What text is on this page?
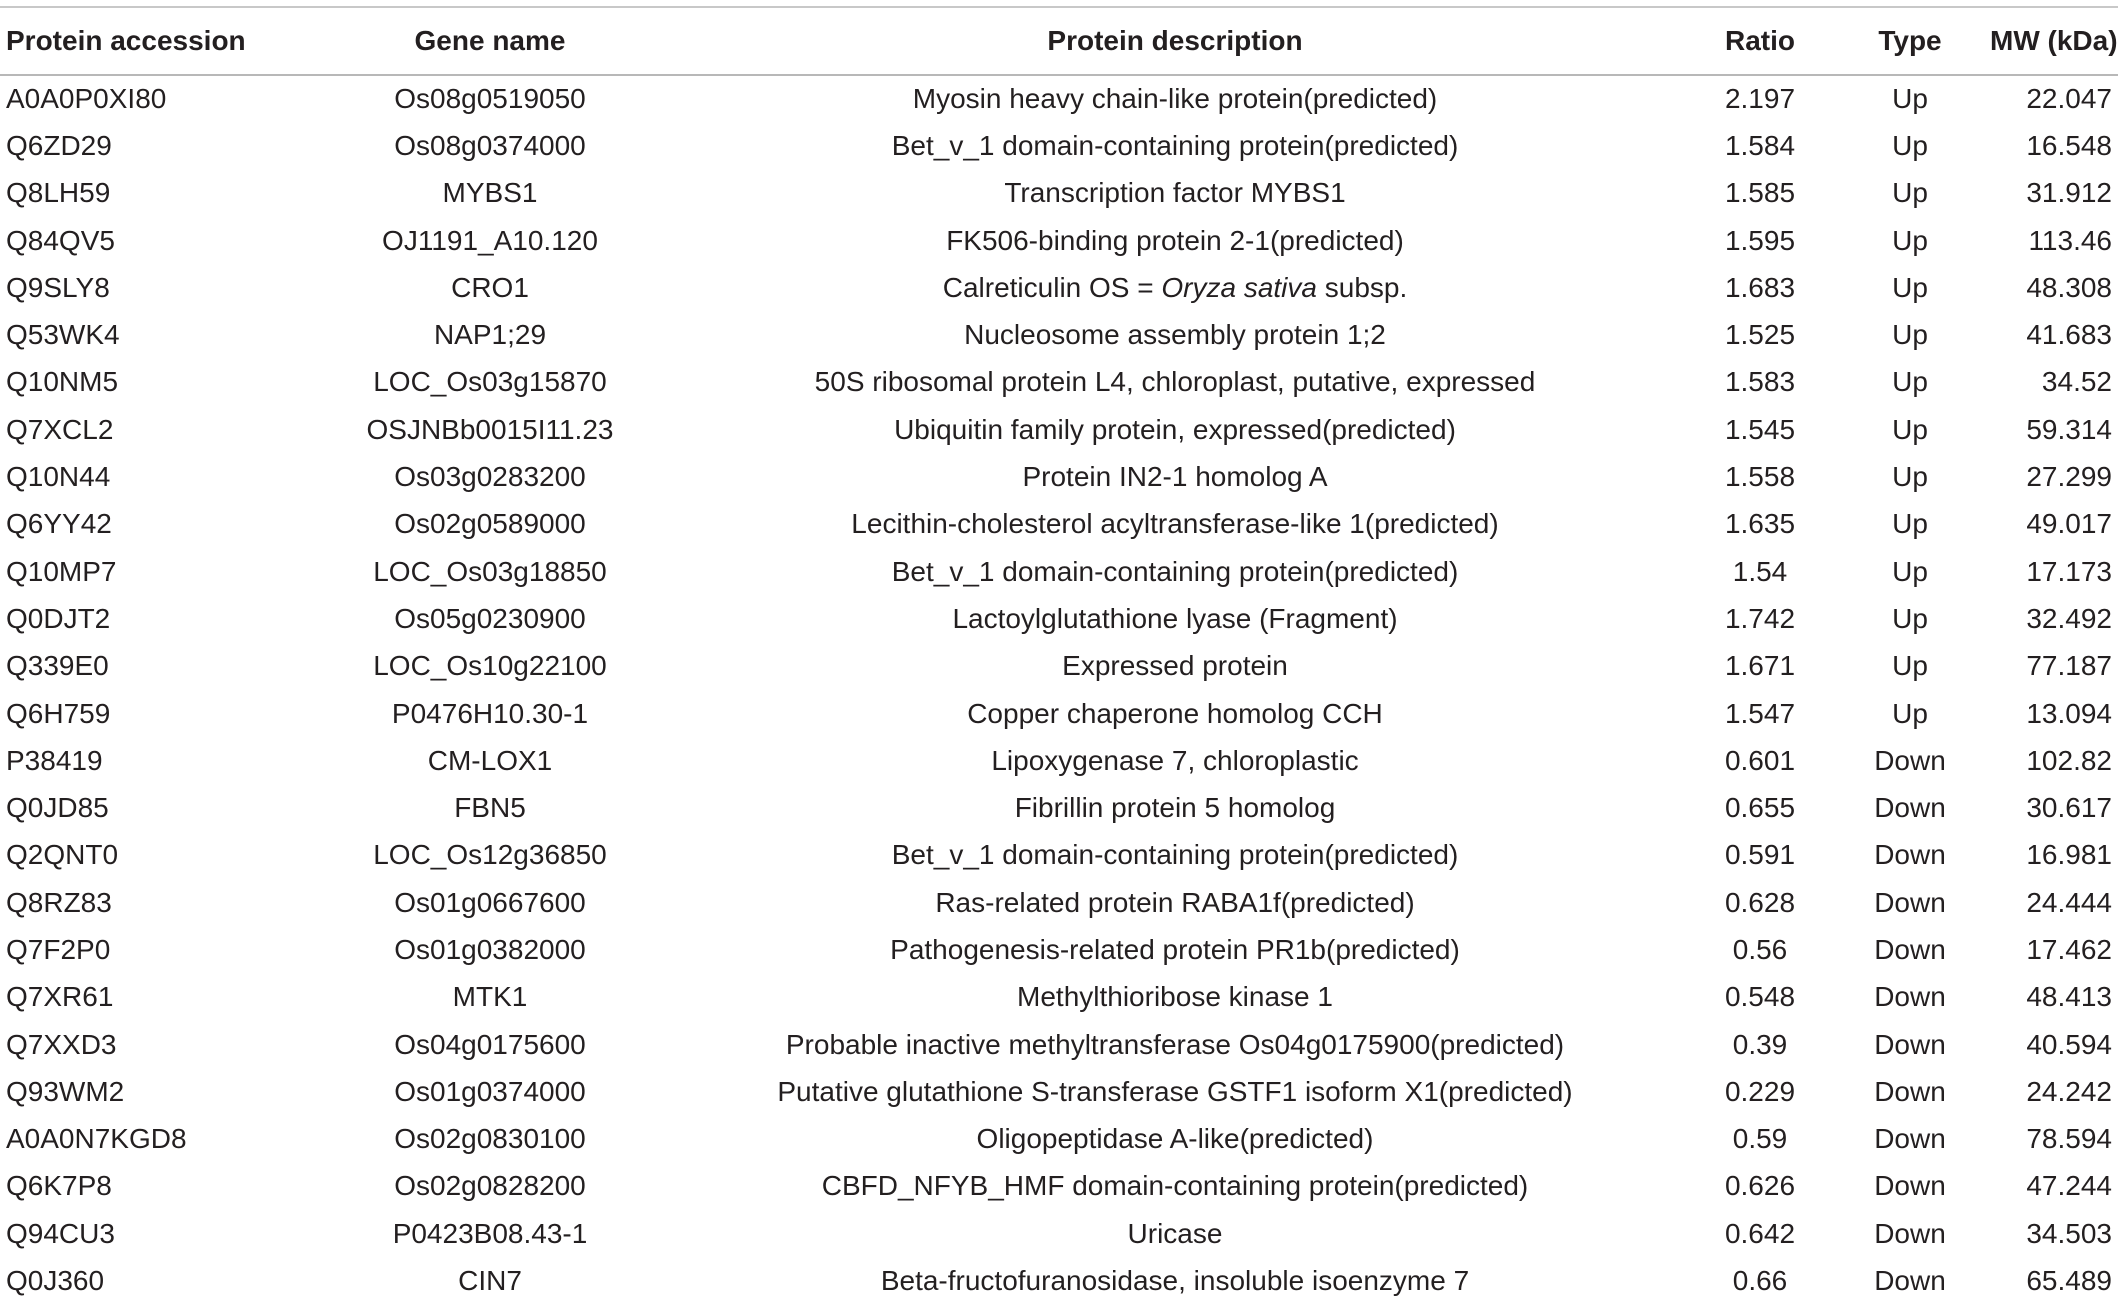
Protein accession	Gene name	Protein description	Ratio	Type	MW (kDa)
A0A0P0XI80	Os08g0519050	Myosin heavy chain-like protein(predicted)	2.197	Up	22.047
Q6ZD29	Os08g0374000	Bet_v_1 domain-containing protein(predicted)	1.584	Up	16.548
Q8LH59	MYBS1	Transcription factor MYBS1	1.585	Up	31.912
Q84QV5	OJ1191_A10.120	FK506-binding protein 2-1(predicted)	1.595	Up	113.46
Q9SLY8	CRO1	Calreticulin OS = Oryza sativa subsp.	1.683	Up	48.308
Q53WK4	NAP1;29	Nucleosome assembly protein 1;2	1.525	Up	41.683
Q10NM5	LOC_Os03g15870	50S ribosomal protein L4, chloroplast, putative, expressed	1.583	Up	34.52
Q7XCL2	OSJNBb0015I11.23	Ubiquitin family protein, expressed(predicted)	1.545	Up	59.314
Q10N44	Os03g0283200	Protein IN2-1 homolog A	1.558	Up	27.299
Q6YY42	Os02g0589000	Lecithin-cholesterol acyltransferase-like 1(predicted)	1.635	Up	49.017
Q10MP7	LOC_Os03g18850	Bet_v_1 domain-containing protein(predicted)	1.54	Up	17.173
Q0DJT2	Os05g0230900	Lactoylglutathione lyase (Fragment)	1.742	Up	32.492
Q339E0	LOC_Os10g22100	Expressed protein	1.671	Up	77.187
Q6H759	P0476H10.30-1	Copper chaperone homolog CCH	1.547	Up	13.094
P38419	CM-LOX1	Lipoxygenase 7, chloroplastic	0.601	Down	102.82
Q0JD85	FBN5	Fibrillin protein 5 homolog	0.655	Down	30.617
Q2QNT0	LOC_Os12g36850	Bet_v_1 domain-containing protein(predicted)	0.591	Down	16.981
Q8RZ83	Os01g0667600	Ras-related protein RABA1f(predicted)	0.628	Down	24.444
Q7F2P0	Os01g0382000	Pathogenesis-related protein PR1b(predicted)	0.56	Down	17.462
Q7XR61	MTK1	Methylthioribose kinase 1	0.548	Down	48.413
Q7XXD3	Os04g0175600	Probable inactive methyltransferase Os04g0175900(predicted)	0.39	Down	40.594
Q93WM2	Os01g0374000	Putative glutathione S-transferase GSTF1 isoform X1(predicted)	0.229	Down	24.242
A0A0N7KGD8	Os02g0830100	Oligopeptidase A-like(predicted)	0.59	Down	78.594
Q6K7P8	Os02g0828200	CBFD_NFYB_HMF domain-containing protein(predicted)	0.626	Down	47.244
Q94CU3	P0423B08.43-1	Uricase	0.642	Down	34.503
Q0J360	CIN7	Beta-fructofuranosidase, insoluble isoenzyme 7	0.66	Down	65.489
